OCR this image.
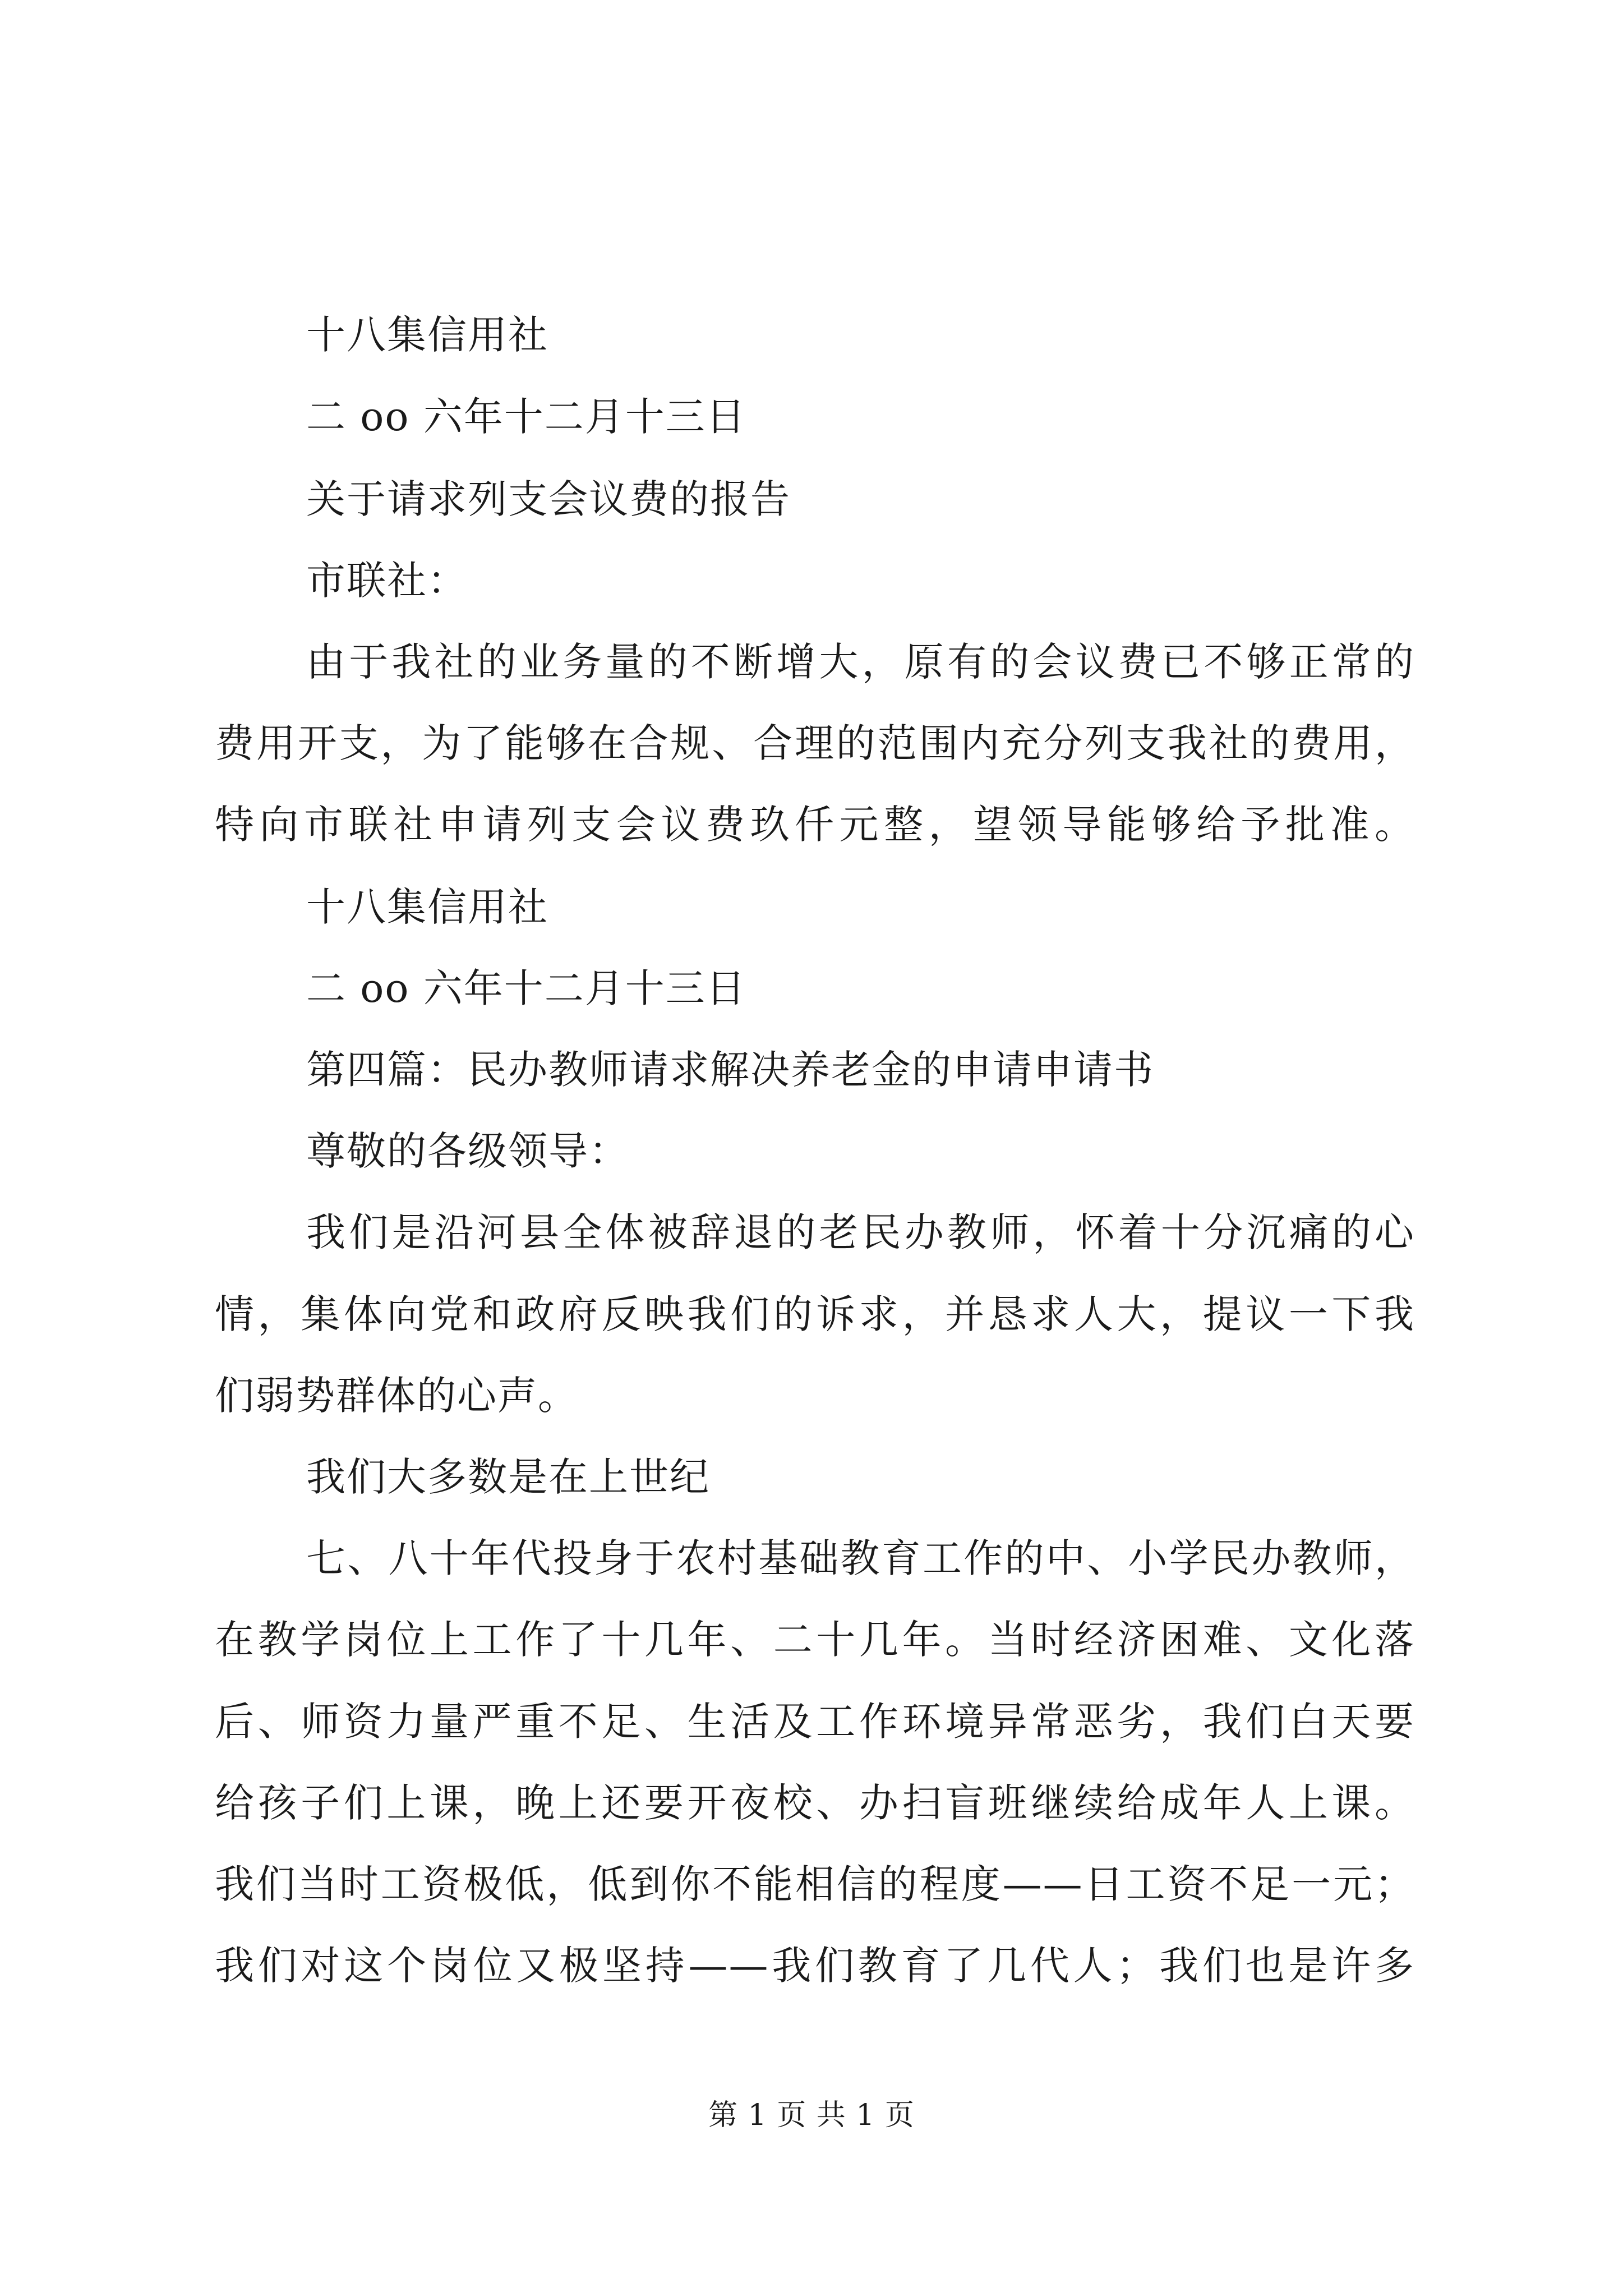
十八集信用社
二 oo 六年十二月十三日
关于请求列支会议费的报告
市联社：
由于我社的业务量的不断增大，原有的会议费已不够正常的
费用开支，为了能够在合规、合理的范围内充分列支我社的费用，
特向市联社申请列支会议费玖仟元整，望领导能够给予批准。
十八集信用社
二 oo 六年十二月十三日
第四篇：民办教师请求解决养老金的申请申请书
尊敬的各级领导：
我们是沿河县全体被辞退的老民办教师，怀着十分沉痛的心
情，集体向党和政府反映我们的诉求，并恳求人大，提议一下我
们弱势群体的心声。
我们大多数是在上世纪
七、八十年代投身于农村基础教育工作的中、小学民办教师，
在教学岗位上工作了十几年、二十几年。当时经济困难、文化落
后、师资力量严重不足、生活及工作环境异常恶劣，我们白天要
给孩子们上课，晚上还要开夜校、办扫盲班继续给成年人上课。
我们当时工资极低，低到你不能相信的程度——日工资不足一元；
我们对这个岗位又极坚持——我们教育了几代人；我们也是许多
第 1 页 共 1 页
